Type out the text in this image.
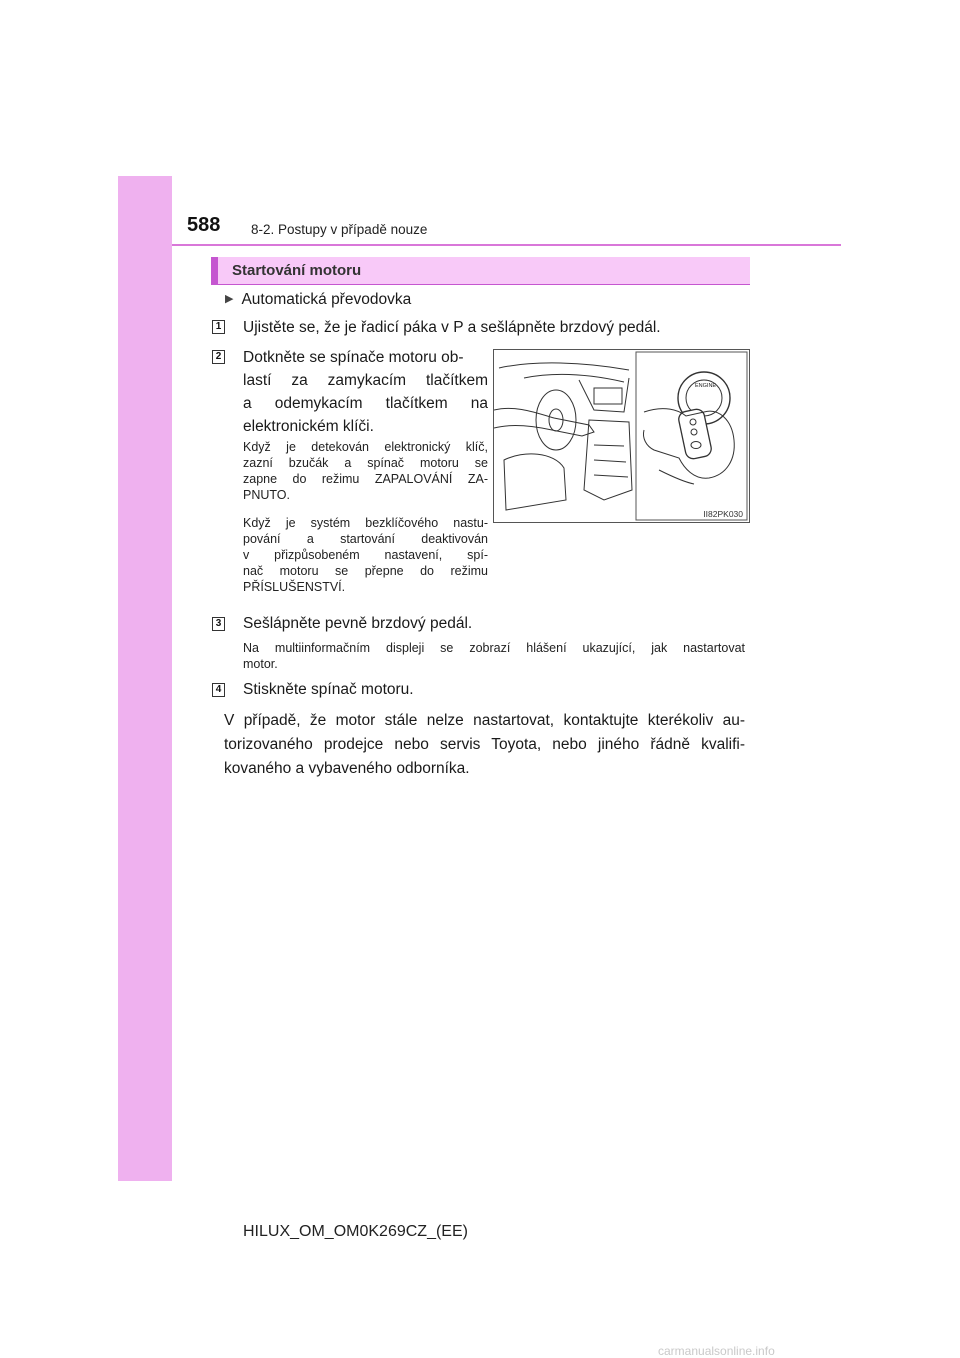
588 8-2. Postupy v případě nouze
Startování motoru
▶ Automatická převodovka
1 Ujistěte se, že je řadicí páka v P a sešlápněte brzdový pedál.
2 Dotkněte se spínače motoru ob-
lastí za zamykacím tlačítkem
a odemykacím tlačítkem na
elektronickém klíči.
Když je detekován elektronický klíč,
zazní bzučák a spínač motoru se
zapne do režimu ZAPALOVÁNÍ ZA-
PNUTO.
Když je systém bezklíčového nastu-
pování a startování deaktivován
v přizpůsobeném nastavení, spí-
nač motoru se přepne do režimu
PŘÍSLUŠENSTVÍ.
ENGINE
II82PK030
3 Sešlápněte pevně brzdový pedál.
Na multiinformačním displeji se zobrazí hlášení ukazující, jak nastartovat
motor.
4 Stiskněte spínač motoru.
V případě, že motor stále nelze nastartovat, kontaktujte kterékoliv au-
torizovaného prodejce nebo servis Toyota, nebo jiného řádně kvalifi-
kovaného a vybaveného odborníka.
HILUX_OM_OM0K269CZ_(EE)
carmanualsonline.info
